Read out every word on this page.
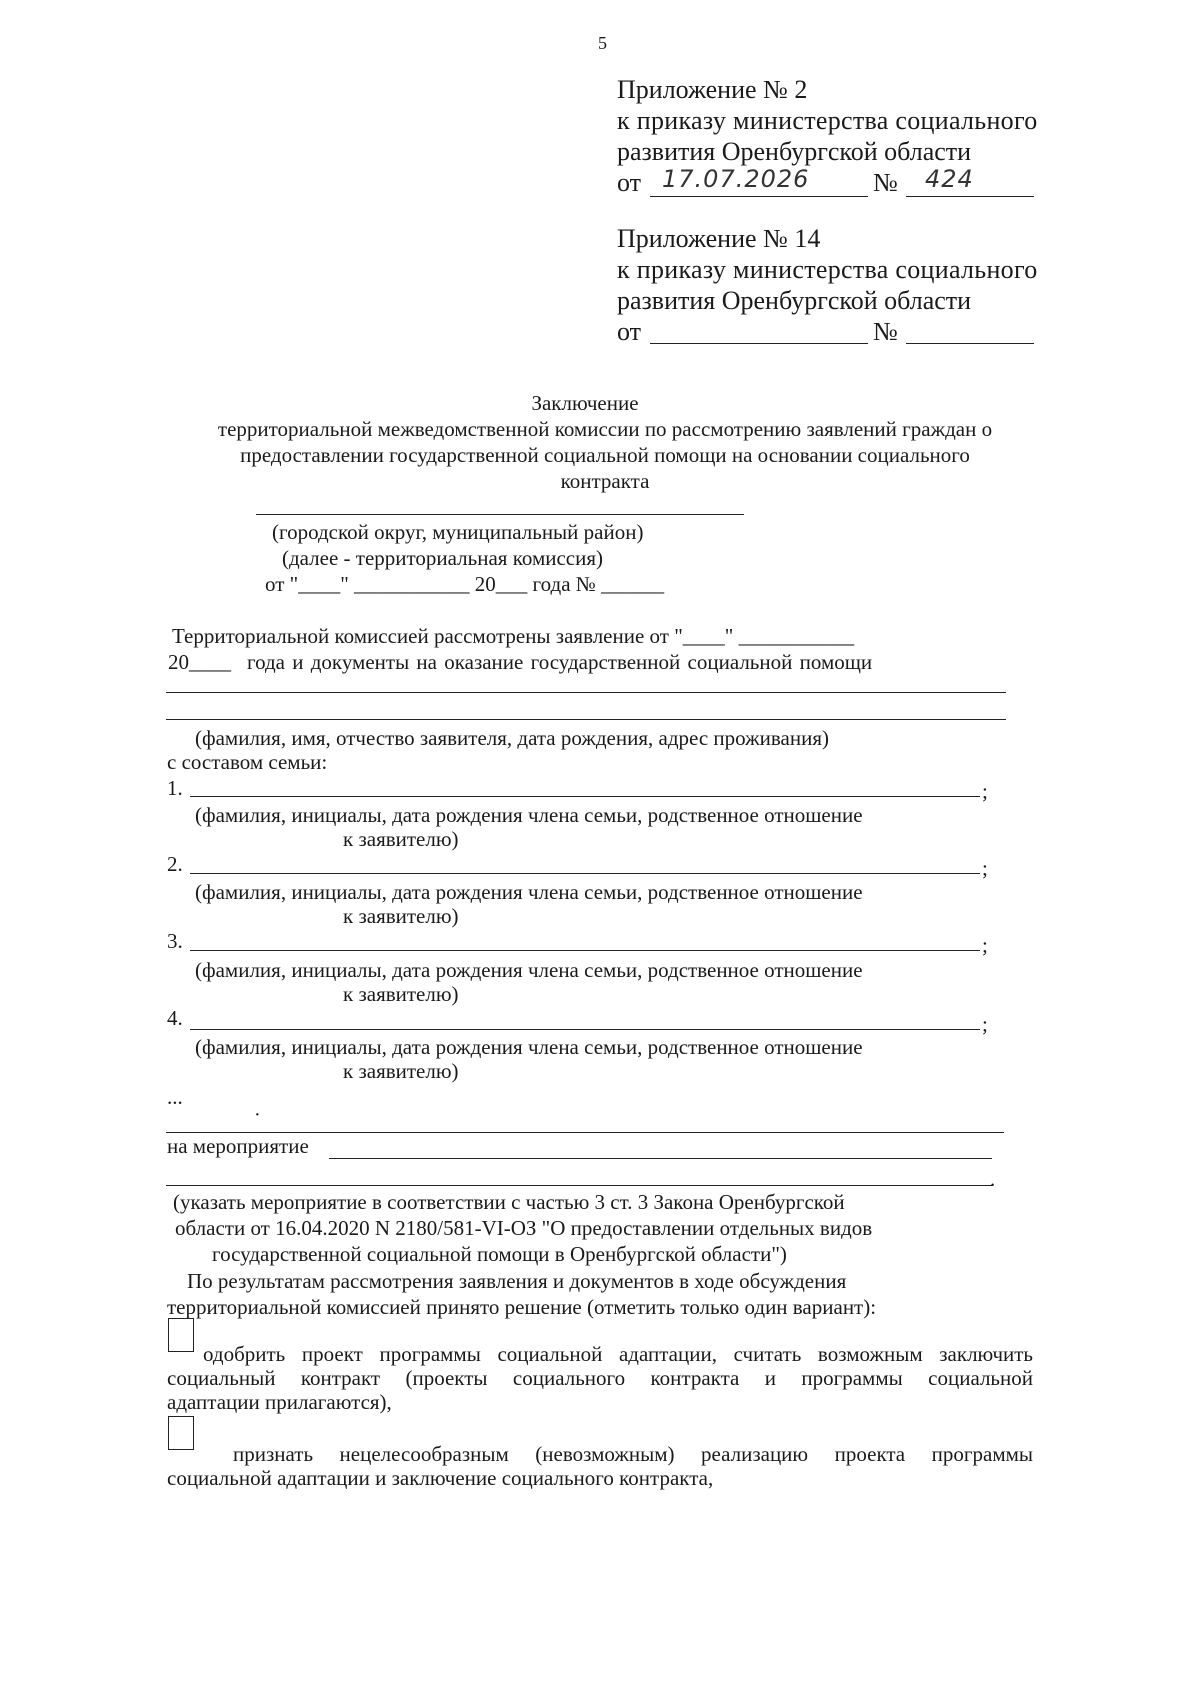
5
Приложение № 2
к приказу министерства социального
развития Оренбургской области
от 17.07.2026 № 424
Приложение № 14
к приказу министерства социального
развития Оренбургской области
от	№
Заключение
территориальной межведомственной комиссии по рассмотрению заявлений граждан о
предоставлении государственной социальной помощи на основании социального
контракта
(городской округ, муниципальный район)
(далее - территориальная комиссия)
от "____" ___________ 20___ года № ______
Территориальной комиссией рассмотрены заявление от "____" ___________
20____ года и документы на оказание государственной социальной помощи
(фамилия, имя, отчество заявителя, дата рождения, адрес проживания)
с составом семьи:
1.	;
(фамилия, инициалы, дата рождения члена семьи, родственное отношение
к заявителю)
2.	;
(фамилия, инициалы, дата рождения члена семьи, родственное отношение
к заявителю)
3.	;
(фамилия, инициалы, дата рождения члена семьи, родственное отношение
к заявителю)
4.	;
(фамилия, инициалы, дата рождения члена семьи, родственное отношение
к заявителю)
...
·
на мероприятие
.
(указать мероприятие в соответствии с частью 3 ст. 3 Закона Оренбургской
области от 16.04.2020 N 2180/581-VI-ОЗ "О предоставлении отдельных видов
государственной социальной помощи в Оренбургской области")
По результатам рассмотрения заявления и документов в ходе обсуждения
территориальной комиссией принято решение (отметить только один вариант):
одобрить проект программы социальной адаптации, считать возможным заключить
социальный контракт (проекты социального контракта и программы социальной
адаптации прилагаются),
признать нецелесообразным (невозможным) реализацию проекта программы
социальной адаптации и заключение социального контракта,
